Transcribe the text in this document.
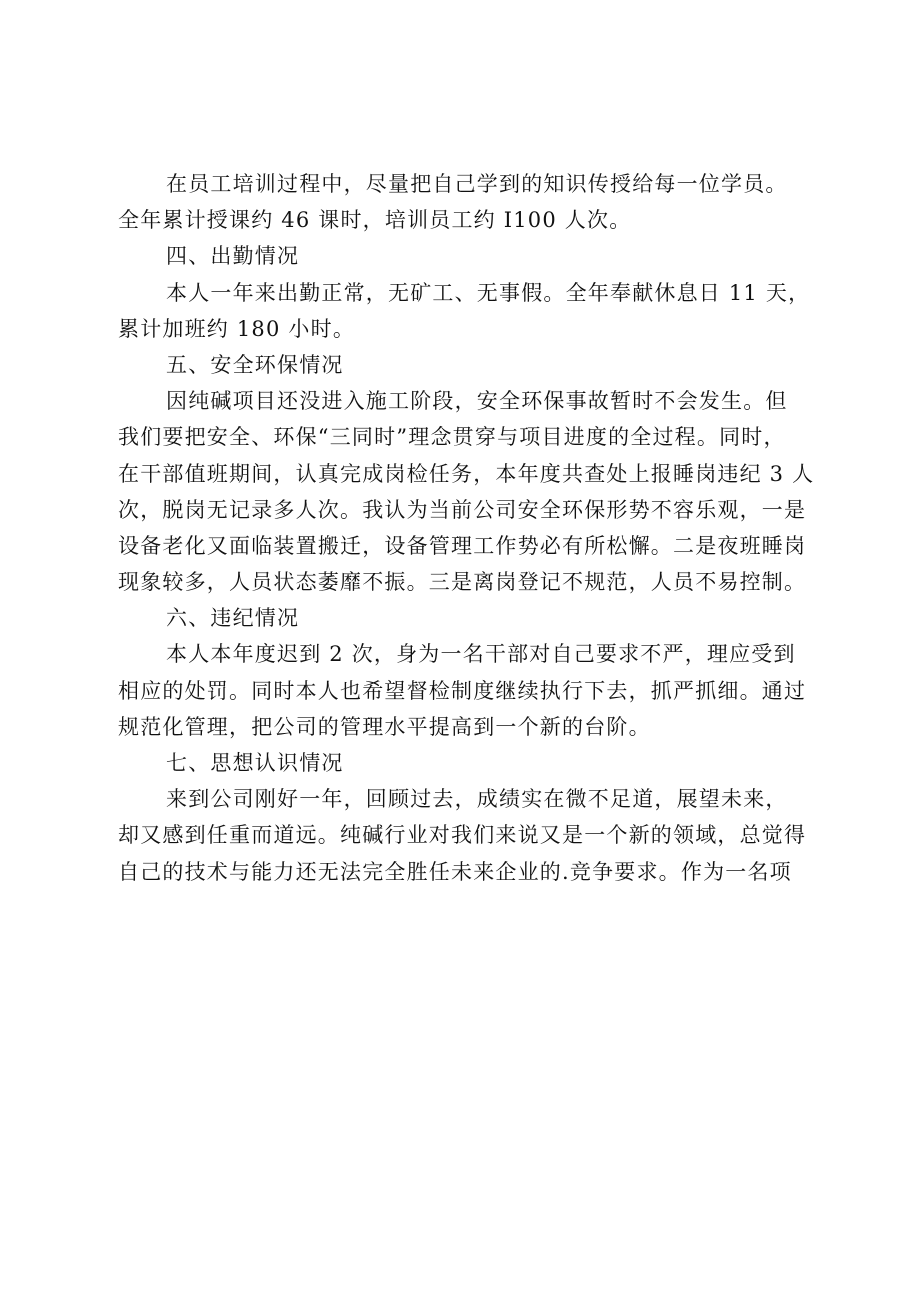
在员工培训过程中，尽量把自己学到的知识传授给每一位学员。
全年累计授课约 46 课时，培训员工约 I100 人次。
四、出勤情况
本人一年来出勤正常，无矿工、无事假。全年奉献休息日 11 天，
累计加班约 180 小时。
五、安全环保情况
因纯碱项目还没进入施工阶段，安全环保事故暂时不会发生。但
我们要把安全、环保“三同时”理念贯穿与项目进度的全过程。同时，
在干部值班期间，认真完成岗检任务，本年度共查处上报睡岗违纪 3 人
次，脱岗无记录多人次。我认为当前公司安全环保形势不容乐观，一是
设备老化又面临装置搬迁，设备管理工作势必有所松懈。二是夜班睡岗
现象较多，人员状态萎靡不振。三是离岗登记不规范，人员不易控制。
六、违纪情况
本人本年度迟到 2 次，身为一名干部对自己要求不严，理应受到
相应的处罚。同时本人也希望督检制度继续执行下去，抓严抓细。通过
规范化管理，把公司的管理水平提高到一个新的台阶。
七、思想认识情况
来到公司刚好一年，回顾过去，成绩实在微不足道，展望未来，
却又感到任重而道远。纯碱行业对我们来说又是一个新的领域，总觉得
自己的技术与能力还无法完全胜任未来企业的.竞争要求。作为一名项
